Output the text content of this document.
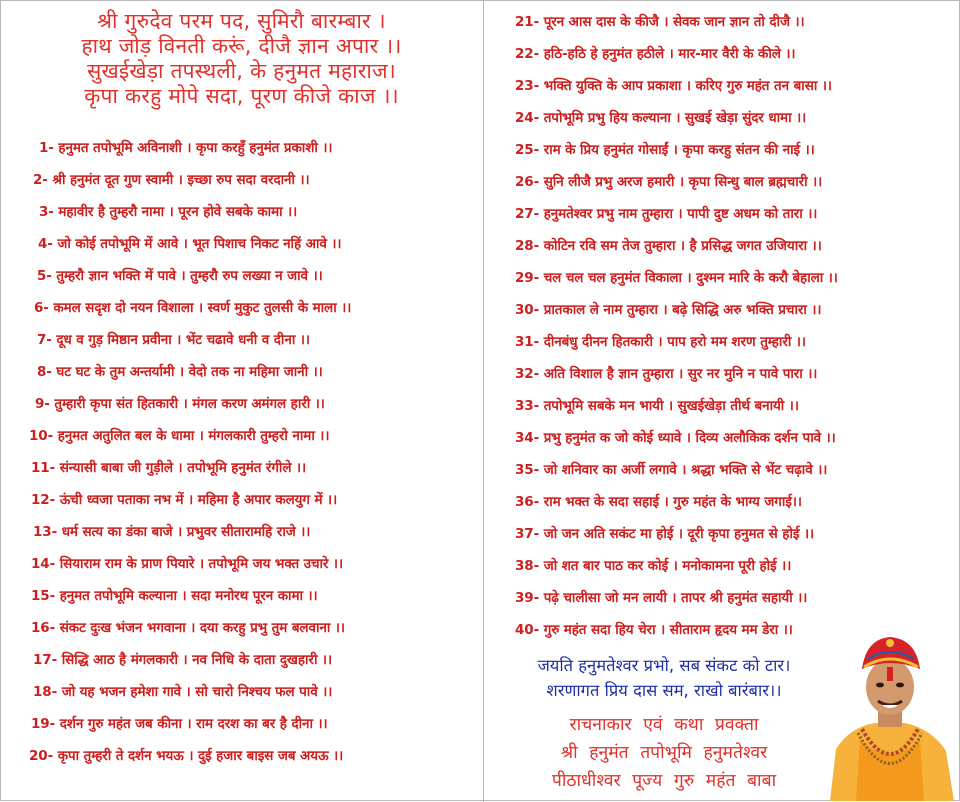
श्री गुरुदेव परम पद, सुमिरौ बारम्बार ।
हाथ जोड़ विनती करूं, दीजै ज्ञान अपार ।।
सुखईखेड़ा तपस्थली, के हनुमत महाराज।
कृपा करहु मोपे सदा, पूरण कीजे काज ।।
1- हनुमत तपोभूमि अविनाशी । कृपा करहुँ हनुमंत प्रकाशी ।।
2- श्री हनुमंत दूत गुण स्वामी । इच्छा रुप सदा वरदानी ।।
3- महावीर है तुम्हरौ नामा । पूरन होवे सबके कामा ।।
4- जो कोई तपोभूमि में आवे । भूत पिशाच निकट नहिं आवे ।।
5- तुम्हरौ ज्ञान भक्ति में पावे । तुम्हरौ रुप लख्या न जावे ।।
6- कमल सदृश दो नयन विशाला । स्वर्ण मुकुट तुलसी के माला ।।
7- दूध व गुड़ मिष्ठान प्रवीना । भेंट चढावे धनी व दीना ।।
8- घट घट के तुम अन्तर्यामी । वेदो तक ना महिमा जानी ।।
9- तुम्हारी कृपा संत हितकारी । मंगल करण अमंगल हारी ।।
10- हनुमत अतुलित बल के धामा । मंगलकारी तुम्हरो नामा ।।
11- संन्यासी बाबा जी गुड़ीले । तपोभूमि हनुमंत रंगीले ।।
12- ऊंची ध्वजा पताका नभ में । महिमा है अपार कलयुग में ।।
13- धर्म सत्य का डंका बाजे । प्रभुवर सीतारामहि राजे ।।
14- सियाराम राम के प्राण पियारे । तपोभूमि जय भक्त उचारे ।।
15- हनुमत तपोभूमि कल्याना । सदा मनोरथ पूरन कामा ।।
16- संकट दुःख भंजन भगवाना । दया करहु प्रभु तुम बलवाना ।।
17- सिद्धि आठ है मंगलकारी । नव निधि के दाता दुखहारी ।।
18- जो यह भजन हमेशा गावे । सो चारो निश्चय फल पावे ।।
19- दर्शन गुरु महंत जब कीना । राम दरश का बर है दीना ।।
20- कृपा तुम्हरी ते दर्शन भयऊ । दुई हजार बाइस जब अयऊ ।।
21- पूरन आस दास के कीजै । सेवक जान ज्ञान तो दीजै ।।
22- हठि-हठि हे हनुमंत हठीले । मार-मार वैरी के कीले ।।
23- भक्ति युक्ति के आप प्रकाशा । करिए गुरु महंत तन बासा ।।
24- तपोभूमि प्रभु हिय कल्याना । सुखई खेड़ा सुंदर धामा ।।
25- राम के प्रिय हनुमंत गोसाईं । कृपा करहु संतन की नाई ।।
26- सुनि लीजै प्रभु अरज हमारी । कृपा सिन्धु बाल ब्रह्मचारी ।।
27- हनुमतेश्वर प्रभु नाम तुम्हारा । पापी दुष्ट अधम को तारा ।।
28- कोटिन रवि सम तेज तुम्हारा । है प्रसिद्ध जगत उजियारा ।।
29- चल चल चल हनुमंत विकाला । दुश्मन मारि के करौ बेहाला ।।
30- प्रातकाल ले नाम तुम्हारा । बढ़े सिद्धि अरु भक्ति प्रचारा ।।
31- दीनबंधु दीनन हितकारी । पाप हरो मम शरण तुम्हारी ।।
32- अति विशाल है ज्ञान तुम्हारा । सुर नर मुनि न पावे पारा ।।
33- तपोभूमि सबके मन भायी । सुखईखेड़ा तीर्थ बनायी ।।
34- प्रभु हनुमंत क जो कोई ध्यावे । दिव्य अलौकिक दर्शन पावे ।।
35- जो शनिवार का अर्जी लगावे । श्रद्धा भक्ति से भेंट चढ़ावे ।।
36- राम भक्त के सदा सहाई । गुरु महंत के भाग्य जगाई।।
37- जो जन अति सकंट मा होई । दूरी कृपा हनुमत से होई ।।
38- जो शत बार पाठ कर कोई । मनोकामना पूरी होई ।।
39- पढ़े चालीसा जो मन लायी । तापर श्री हनुमंत सहायी ।।
40- गुरु महंत सदा हिय चेरा । सीताराम हृदय मम डेरा ।।
जयति हनुमतेश्वर प्रभो, सब संकट को टार।
शरणागत प्रिय दास सम, राखो बारंबार।।
राचनाकार एवं कथा प्रवक्ता
श्री हनुमंत तपोभूमि हनुमतेश्वर
पीठाधीश्वर पूज्य गुरु महंत बाबा
